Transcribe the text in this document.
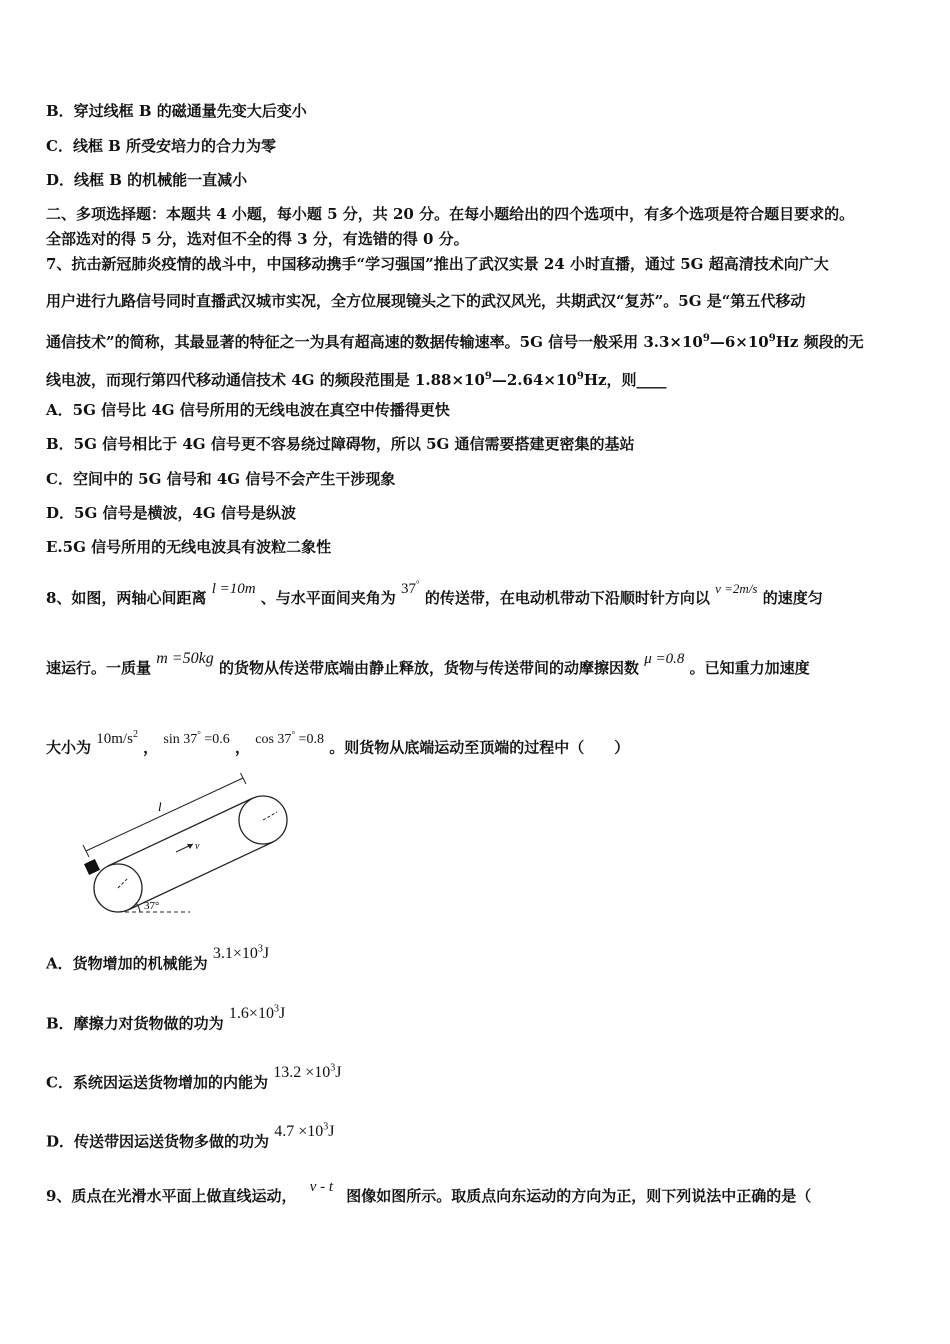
B．穿过线框 B 的磁通量先变大后变小
C．线框 B 所受安培力的合力为零
D．线框 B 的机械能一直减小
二、多项选择题：本题共 4 小题，每小题 5 分，共 20 分。在每小题给出的四个选项中，有多个选项是符合题目要求的。
全部选对的得 5 分，选对但不全的得 3 分，有选错的得 0 分。
7、抗击新冠肺炎疫情的战斗中，中国移动携手“学习强国”推出了武汉实景 24 小时直播，通过 5G 超高清技术向广大
用户进行九路信号同时直播武汉城市实况，全方位展现镜头之下的武汉风光，共期武汉“复苏”。5G 是“第五代移动
通信技术”的简称，其最显著的特征之一为具有超高速的数据传输速率。5G 信号一般采用 $3.3\times 10^9—6\times 10^9Hz$ 频段的无
线电波，而现行第四代移动通信技术 4G 的频段范围是 $1.88\times 10^9—2.64\times 10^9Hz$，则____
A．5G 信号比 4G 信号所用的无线电波在真空中传播得更快
B．5G 信号相比于 4G 信号更不容易绕过障碍物，所以 5G 通信需要搭建更密集的基站
C．空间中的 5G 信号和 4G 信号不会产生干涉现象
D．5G 信号是横波，4G 信号是纵波
E.5G 信号所用的无线电波具有波粒二象性
8、如图，两轴心间距离 l =10m 、与水平面间夹角为 37° 的传送带，在电动机带动下沿顺时针方向以 v =2m/s 的速度匀
速运行。一质量 m =50kg 的货物从传送带底端由静止释放，货物与传送带间的动摩擦因数 μ =0.8 。已知重力加速度
大小为 $10m/s^2$ ， sin 37° =0.6 ， cos 37° =0.8 。则货物从底端运动至顶端的过程中（　　）
37°
l
v
A．货物增加的机械能为 $3.1\times 10^3J$
B．摩擦力对货物做的功为 $1.6\times 10^3J$
C．系统因运送货物增加的内能为 $13.2 \times 10^3J$
D．传送带因运送货物多做的功为 $4.7 \times 10^3J$
9、质点在光滑水平面上做直线运动， v - t 图像如图所示。取质点向东运动的方向为正，则下列说法中正确的是（
